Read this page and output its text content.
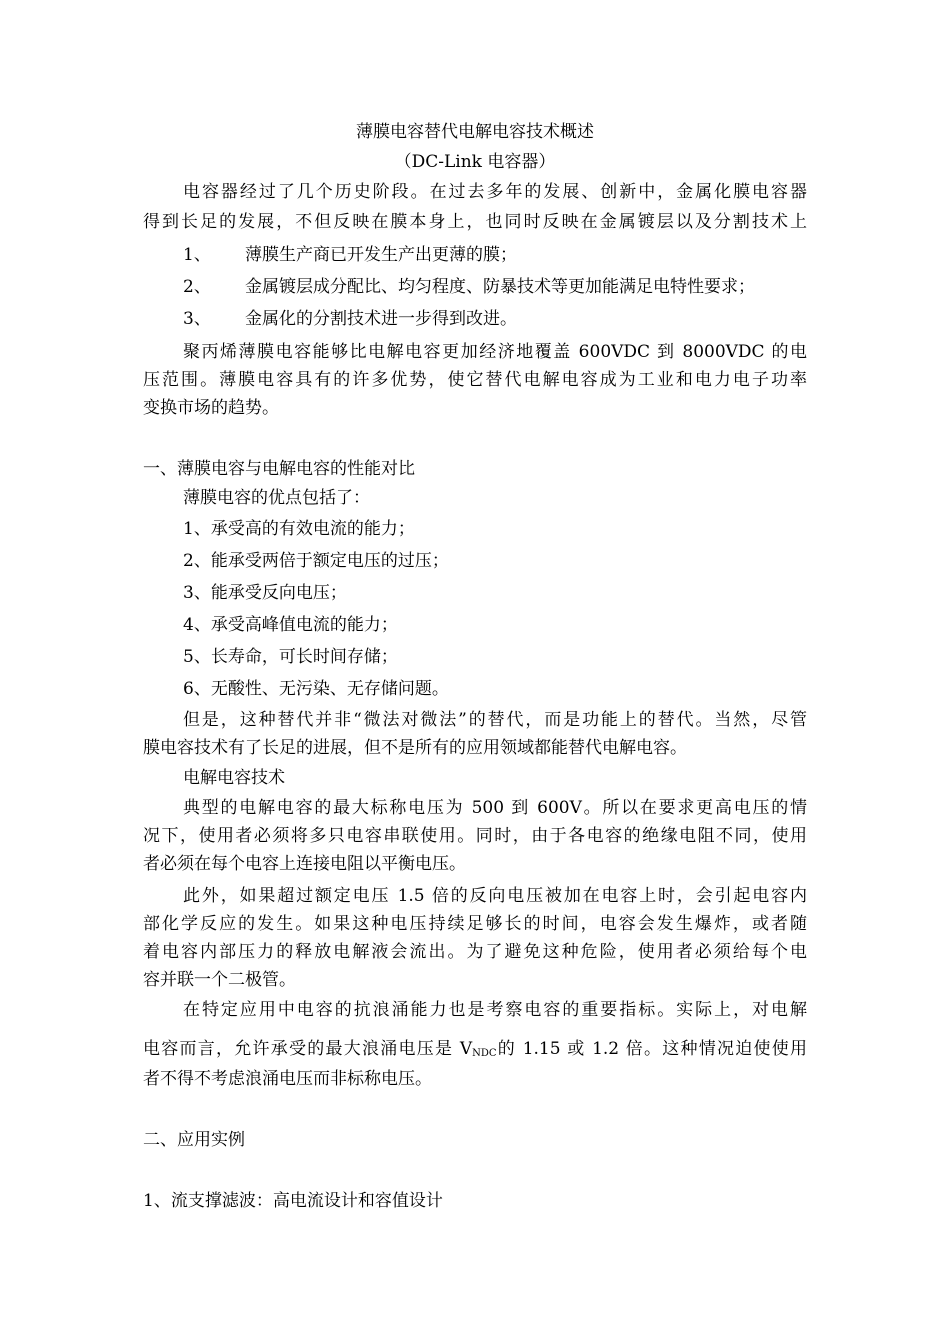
薄膜电容替代电解电容技术概述
（DC-Link 电容器）
电容器经过了几个历史阶段。在过去多年的发展、创新中，金属化膜电容器
得到长足的发展，不但反映在膜本身上，也同时反映在金属镀层以及分割技术上
1、 薄膜生产商已开发生产出更薄的膜；
2、 金属镀层成分配比、均匀程度、防暴技术等更加能满足电特性要求；
3、 金属化的分割技术进一步得到改进。
聚丙烯薄膜电容能够比电解电容更加经济地覆盖 600VDC 到 8000VDC 的电
压范围。薄膜电容具有的许多优势，使它替代电解电容成为工业和电力电子功率
变换市场的趋势。
一、薄膜电容与电解电容的性能对比
薄膜电容的优点包括了：
1、承受高的有效电流的能力；
2、能承受两倍于额定电压的过压；
3、能承受反向电压；
4、承受高峰值电流的能力；
5、长寿命，可长时间存储；
6、无酸性、无污染、无存储问题。
但是，这种替代并非“微法对微法”的替代，而是功能上的替代。当然，尽管
膜电容技术有了长足的进展，但不是所有的应用领域都能替代电解电容。
电解电容技术
典型的电解电容的最大标称电压为 500 到 600V。所以在要求更高电压的情
况下，使用者必须将多只电容串联使用。同时，由于各电容的绝缘电阻不同，使用
者必须在每个电容上连接电阻以平衡电压。
此外，如果超过额定电压 1.5 倍的反向电压被加在电容上时，会引起电容内
部化学反应的发生。如果这种电压持续足够长的时间，电容会发生爆炸，或者随
着电容内部压力的释放电解液会流出。为了避免这种危险，使用者必须给每个电
容并联一个二极管。
在特定应用中电容的抗浪涌能力也是考察电容的重要指标。实际上，对电解
电容而言，允许承受的最大浪涌电压是 $V_{NDC}$的 1.15 或 1.2 倍。这种情况迫使使用
者不得不考虑浪涌电压而非标称电压。
二、应用实例
1、流支撑滤波：高电流设计和容值设计
